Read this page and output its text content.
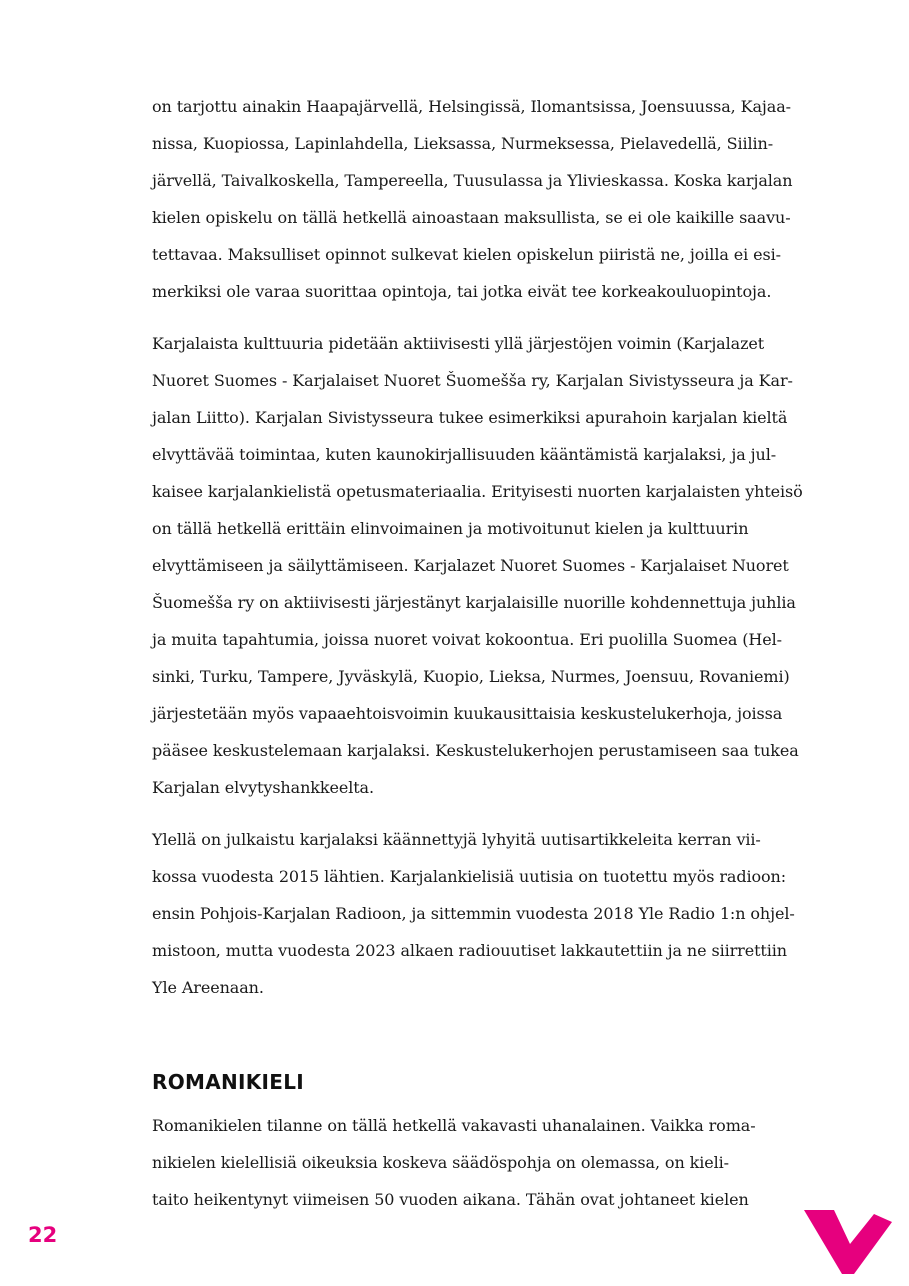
on tarjottu ainakin Haapajärvellä, Helsingissä, Ilomantsissa, Joensuussa, Kajaa-
nissa, Kuopiossa, Lapinlahdella, Lieksassa, Nurmeksessa, Pielavedellä, Siilin-
järvellä, Taivalkoskella, Tampereella, Tuusulassa ja Ylivieskassa. Koska karjalan
kielen opiskelu on tällä hetkellä ainoastaan maksullista, se ei ole kaikille saavu-
tettavaa. Maksulliset opinnot sulkevat kielen opiskelun piiristä ne, joilla ei esi-
merkiksi ole varaa suorittaa opintoja, tai jotka eivät tee korkeakouluopintoja.

Karjalaista kulttuuria pidetään aktiivisesti yllä järjestöjen voimin (Karjalazet
Nuoret Suomes - Karjalaiset Nuoret Šuomeššа ry, Karjalan Sivistysseura ja Kar-
jalan Liitto). Karjalan Sivistysseura tukee esimerkiksi apurahoin karjalan kieltä
elvyttävää toimintaa, kuten kaunokirjallisuuden kääntämistä karjalaksi, ja jul-
kaisee karjalankielistä opetusmateriaalia. Erityisesti nuorten karjalaisten yhteisö
on tällä hetkellä erittäin elinvoimainen ja motivoitunut kielen ja kulttuurin
elvyttämiseen ja säilyttämiseen. Karjalazet Nuoret Suomes - Karjalaiset Nuoret
Šuomeššа ry on aktiivisesti järjestänyt karjalaisille nuorille kohdennettuja juhlia
ja muita tapahtumia, joissa nuoret voivat kokoontua. Eri puolilla Suomea (Hel-
sinki, Turku, Tampere, Jyväskylä, Kuopio, Lieksa, Nurmes, Joensuu, Rovaniemi)
järjestetään myös vapaaehtoisvoimin kuukausittaisia keskustelukerhoja, joissa
pääsee keskustelemaan karjalaksi. Keskustelukerhojen perustamiseen saa tukea
Karjalan elvytyshankkeelta.

Ylellä on julkaistu karjalaksi käännettyjä lyhyitä uutisartikkeleita kerran vii-
kossa vuodesta 2015 lähtien. Karjalankielisiä uutisia on tuotettu myös radioon:
ensin Pohjois-Karjalan Radioon, ja sittemmin vuodesta 2018 Yle Radio 1:n ohjel-
mistoon, mutta vuodesta 2023 alkaen radiouutiset lakkautettiin ja ne siirrettiin
Yle Areenaan.

ROMANIKIELI

Romanikielen tilanne on tällä hetkellä vakavasti uhanalainen. Vaikka roma-
nikielen kielellisiä oikeuksia koskeva säädöspohja on olemassa, on kieli-
taito heikentynyt viimeisen 50 vuoden aikana. Tähän ovat johtaneet kielen

22
